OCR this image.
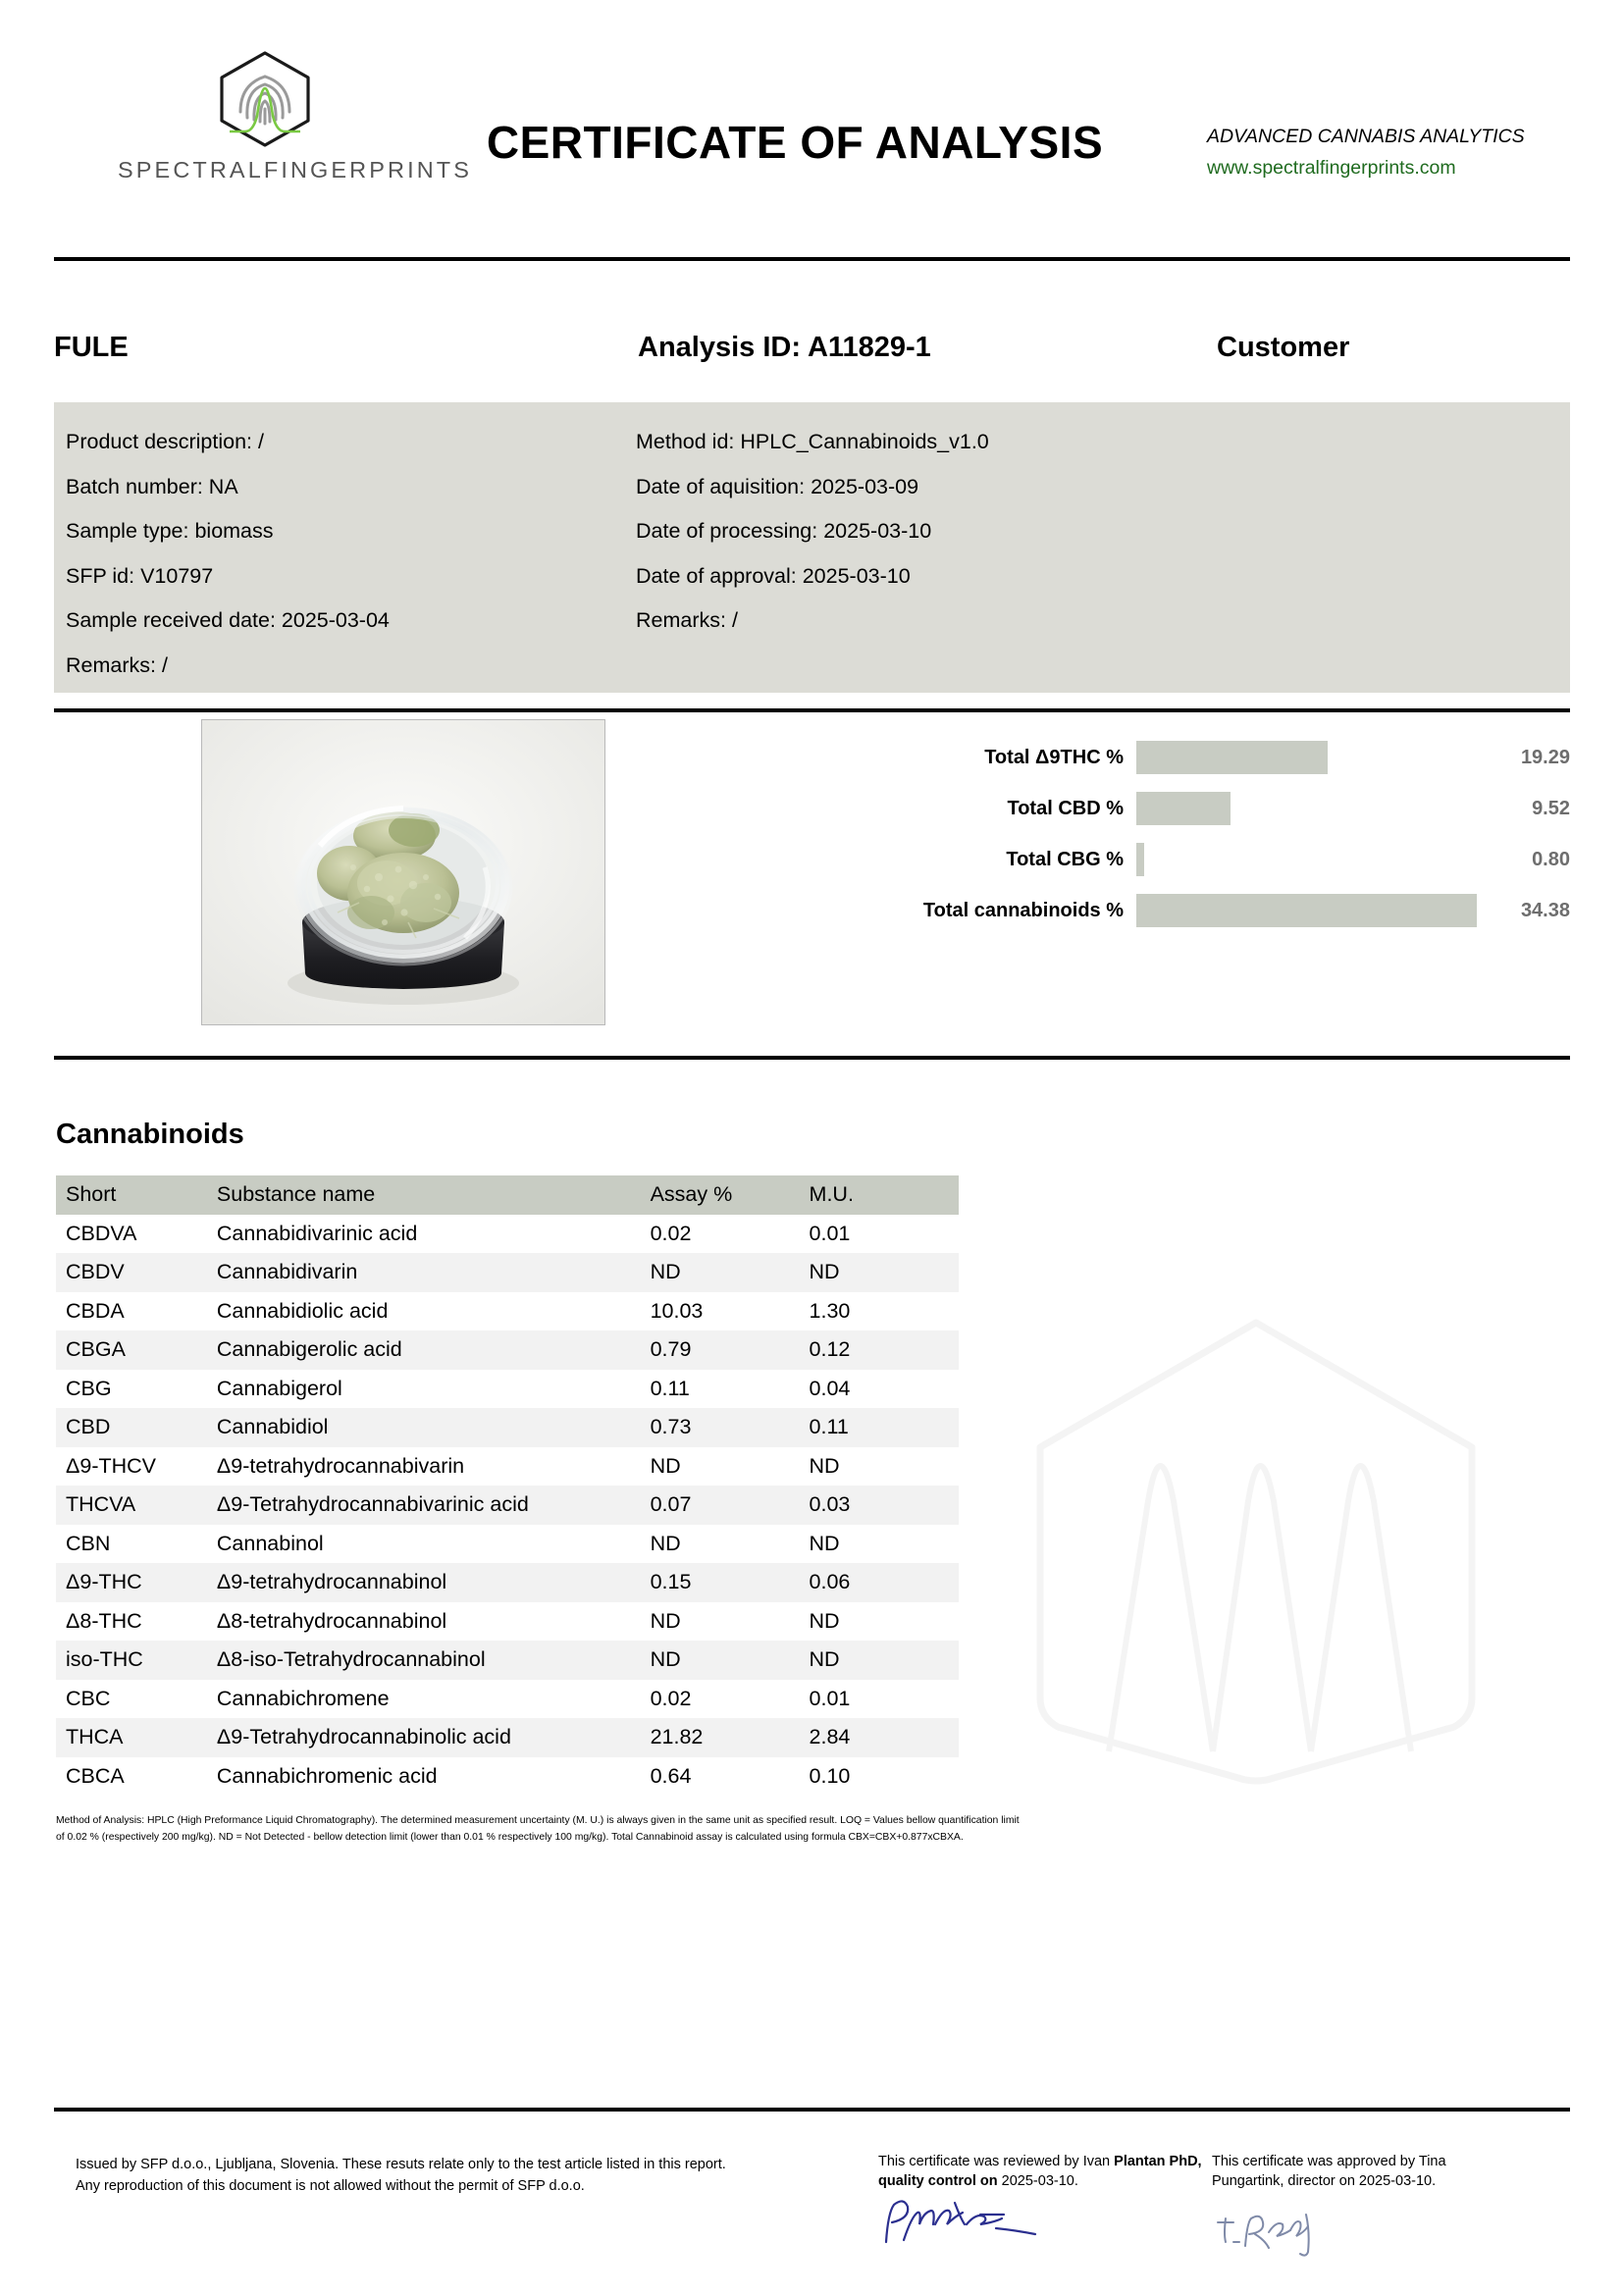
SPECTRALFINGERPRINTS
CERTIFICATE OF ANALYSIS	ADVANCED CANNABIS ANALYTICS
www.spectralfingerprints.com
FULE	Analysis ID: A11829-1	Customer
Product description: /
Batch number: NA
Sample type: biomass
SFP id: V10797
Sample received date: 2025-03-04
Remarks: /
Method id: HPLC_Cannabinoids_v1.0
Date of aquisition: 2025-03-09
Date of processing: 2025-03-10
Date of approval: 2025-03-10
Remarks: /
Total Δ9THC %	19.29
Total CBD %	9.52
Total CBG %	0.80
Total cannabinoids %	34.38
Cannabinoids
Short	Substance name	Assay %	M.U.
CBDVA	Cannabidivarinic acid	0.02	0.01
CBDV	Cannabidivarin	ND	ND
CBDA	Cannabidiolic acid	10.03	1.30
CBGA	Cannabigerolic acid	0.79	0.12
CBG	Cannabigerol	0.11	0.04
CBD	Cannabidiol	0.73	0.11
Δ9-THCV	Δ9-tetrahydrocannabivarin	ND	ND
THCVA	Δ9-Tetrahydrocannabivarinic acid	0.07	0.03
CBN	Cannabinol	ND	ND
Δ9-THC	Δ9-tetrahydrocannabinol	0.15	0.06
Δ8-THC	Δ8-tetrahydrocannabinol	ND	ND
iso-THC	Δ8-iso-Tetrahydrocannabinol	ND	ND
CBC	Cannabichromene	0.02	0.01
THCA	Δ9-Tetrahydrocannabinolic acid	21.82	2.84
CBCA	Cannabichromenic acid	0.64	0.10
Method of Analysis: HPLC (High Preformance Liquid Chromatography). The determined measurement uncertainty (M. U.) is always given in the same unit as specified result. LOQ = Values bellow quantification limit of 0.02 % (respectively 200 mg/kg). ND = Not Detected - bellow detection limit (lower than 0.01 % respectively 100 mg/kg). Total Cannabinoid assay is calculated using formula CBX=CBX+0.877xCBXA.
Issued by SFP d.o.o., Ljubljana, Slovenia. These resuts relate only to the test article listed in this report.
Any reproduction of this document is not allowed without the permit of SFP d.o.o.
This certificate was reviewed by Ivan Plantan PhD, quality control on 2025-03-10.
This certificate was approved by Tina
Pungartink, director on 2025-03-10.
